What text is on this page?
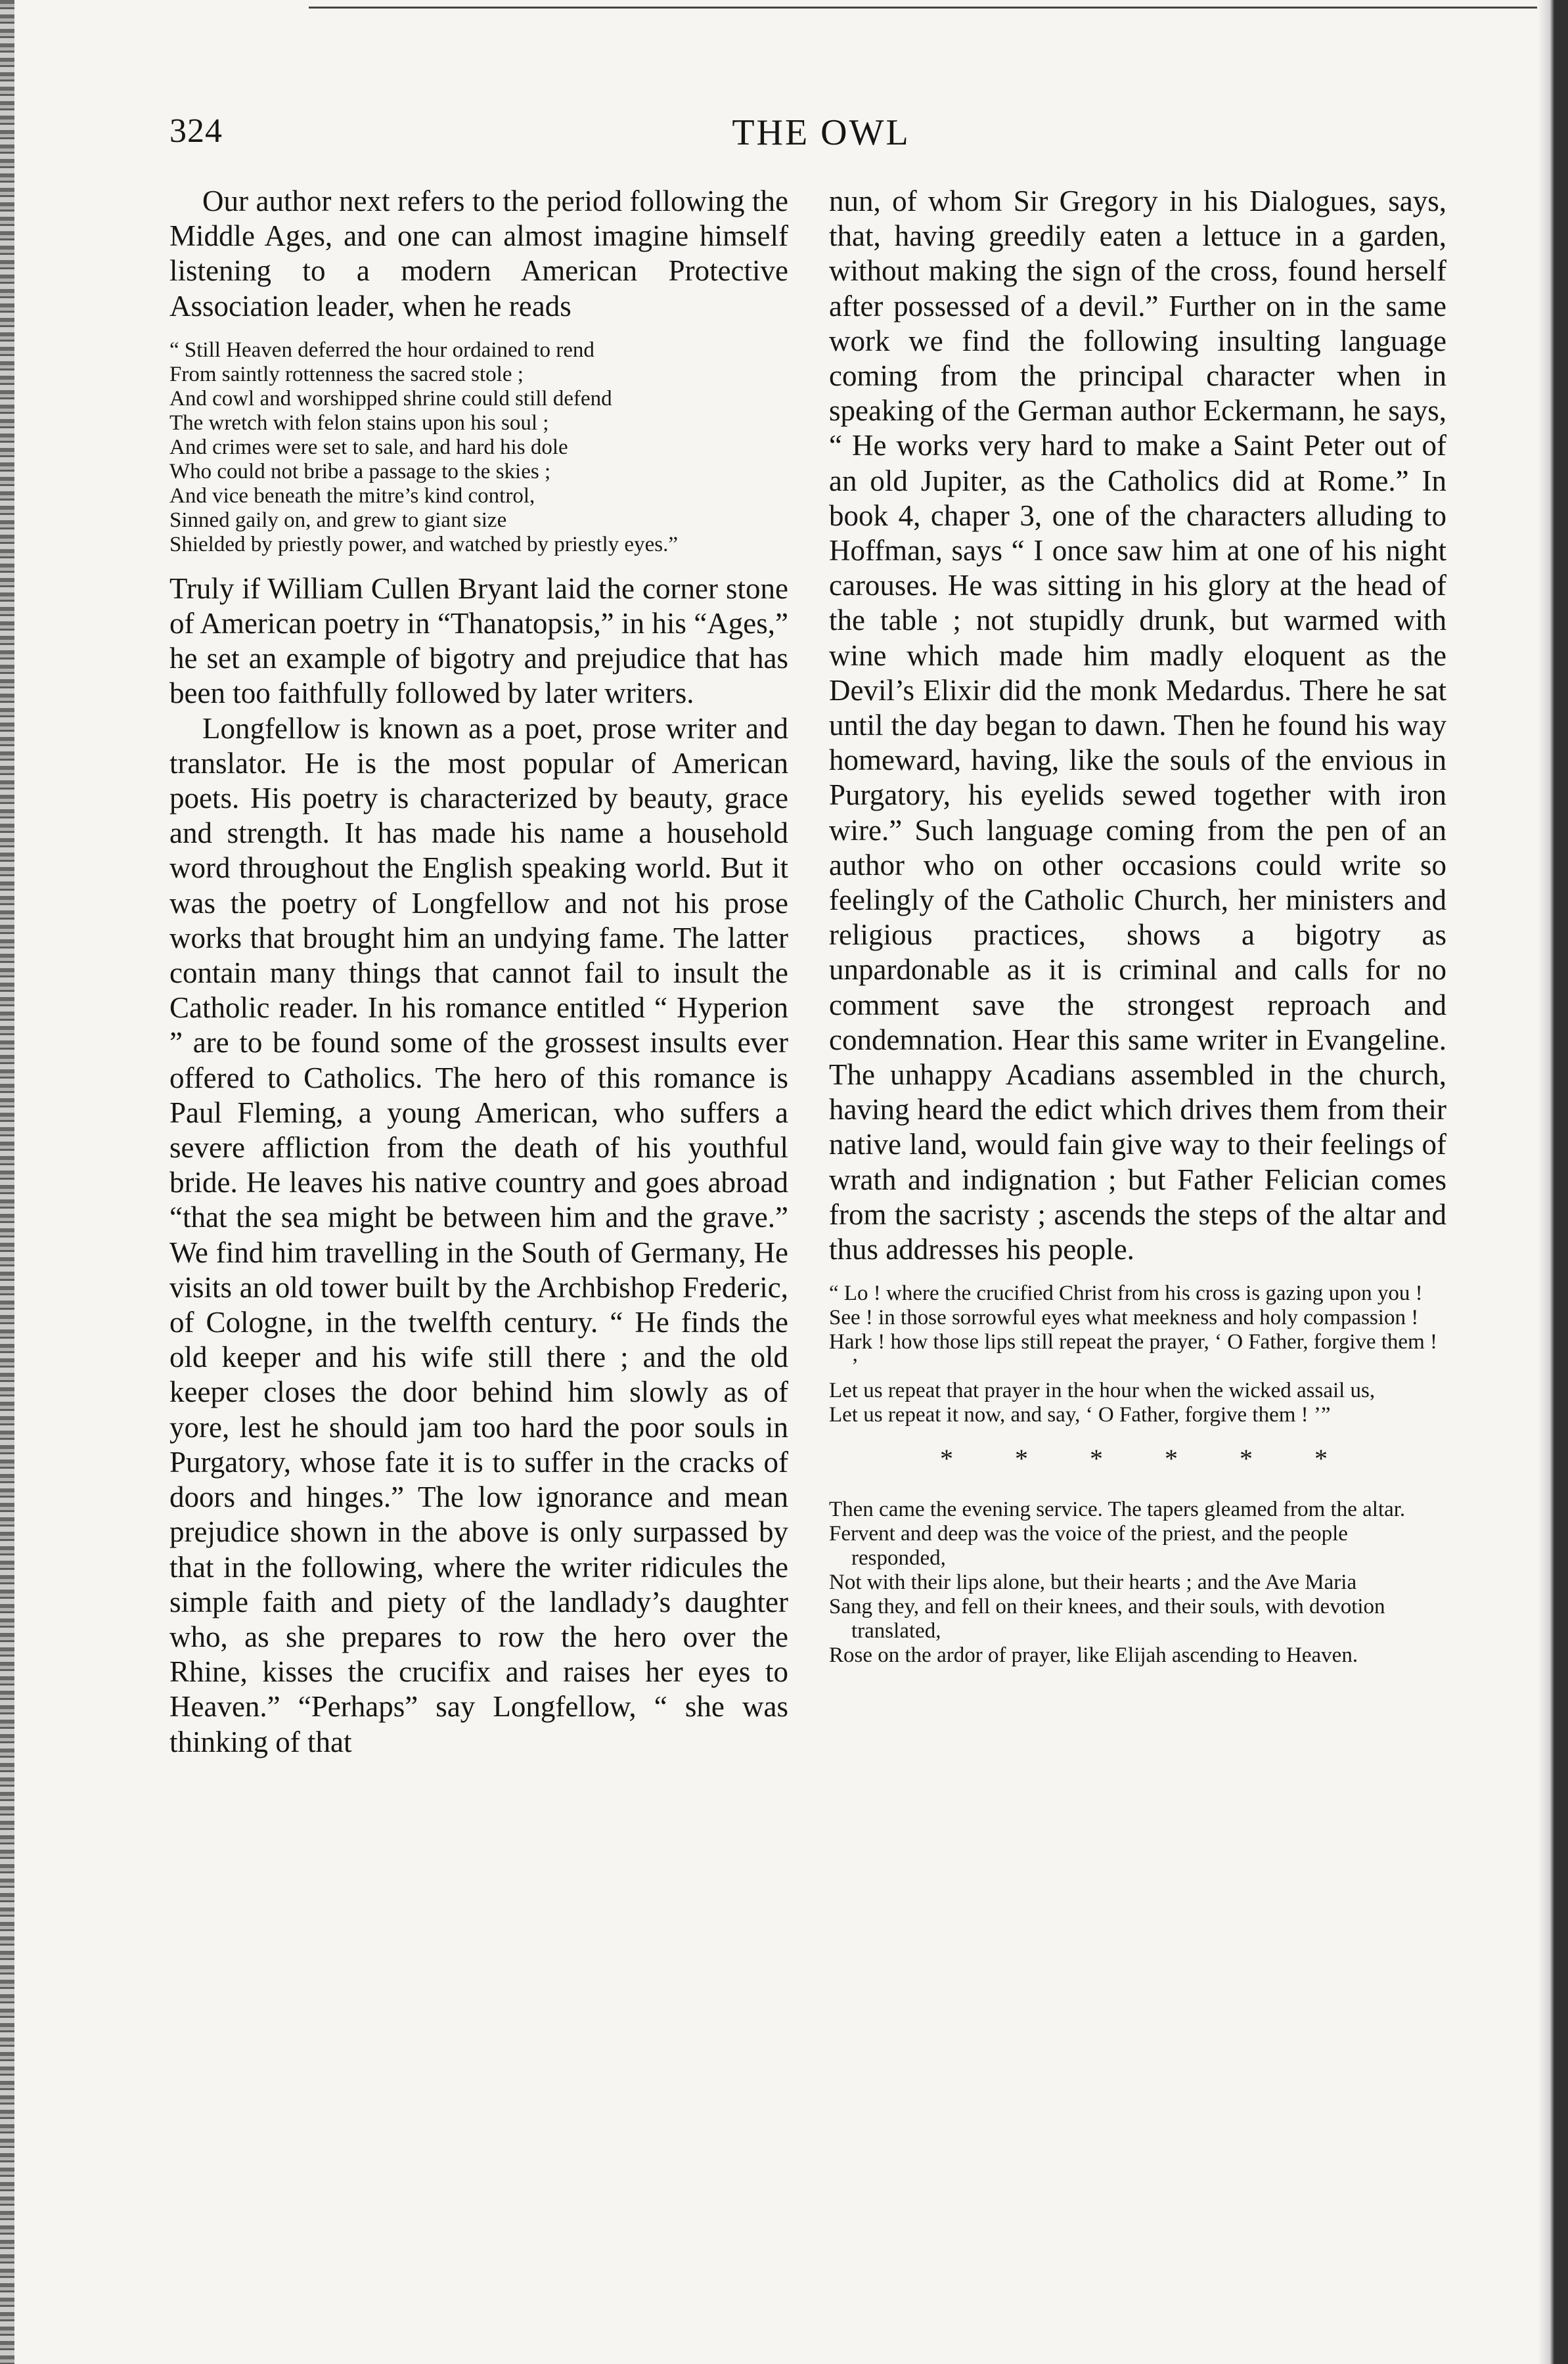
324	THE OWL

Our author next refers to the period following the Middle Ages, and one can almost imagine himself listening to a modern American Protective Association leader, when he reads

“ Still Heaven deferred the hour ordained to rend

From saintly rottenness the sacred stole ;

And cowl and worshipped shrine could still defend

The wretch with felon stains upon his soul ;

And crimes were set to sale, and hard his dole

Who could not bribe a passage to the skies ;

And vice beneath the mitre’s kind control,

Sinned gaily on, and grew to giant size

Shielded by priestly power, and watched by priestly eyes.”

Truly if William Cullen Bryant laid the corner stone of American poetry in “Thanatopsis,” in his “Ages,” he set an example of bigotry and prejudice that has been too faithfully followed by later writers.

Longfellow is known as a poet, prose writer and translator. He is the most popular of American poets. His poetry is characterized by beauty, grace and strength. It has made his name a household word throughout the English speaking world. But it was the poetry of Longfellow and not his prose works that brought him an undying fame. The latter contain many things that cannot fail to insult the Catholic reader. In his romance entitled “ Hyperion ” are to be found some of the grossest insults ever offered to Catholics. The hero of this romance is Paul Fleming, a young American, who suffers a severe affliction from the death of his youthful bride. He leaves his native country and goes abroad “that the sea might be between him and the grave.” We find him travelling in the South of Germany, He visits an old tower built by the Archbishop Frederic, of Cologne, in the twelfth century. “ He finds the old keeper and his wife still there ; and the old keeper closes the door behind him slowly as of yore, lest he should jam too hard the poor souls in Purgatory, whose fate it is to suffer in the cracks of doors and hinges.” The low ignorance and mean prejudice shown in the above is only surpassed by that in the following, where the writer ridicules the simple faith and piety of the landlady’s daughter who, as she prepares to row the hero over the Rhine, kisses the crucifix and raises her eyes to Heaven.” “Perhaps” say Longfellow, “ she was thinking of that

nun, of whom Sir Gregory in his Dialogues, says, that, having greedily eaten a lettuce in a garden, without making the sign of the cross, found herself after possessed of a devil.” Further on in the same work we find the following insulting language coming from the principal character when in speaking of the German author Eckermann, he says, “ He works very hard to make a Saint Peter out of an old Jupiter, as the Catholics did at Rome.” In book 4, chaper 3, one of the characters alluding to Hoffman, says “ I once saw him at one of his night carouses. He was sitting in his glory at the head of the table ; not stupidly drunk, but warmed with wine which made him madly eloquent as the Devil’s Elixir did the monk Medardus. There he sat until the day began to dawn. Then he found his way homeward, having, like the souls of the envious in Purgatory, his eyelids sewed together with iron wire.” Such language coming from the pen of an author who on other occasions could write so feelingly of the Catholic Church, her ministers and religious practices, shows a bigotry as unpardonable as it is criminal and calls for no comment save the strongest reproach and condemnation. Hear this same writer in Evangeline. The unhappy Acadians assembled in the church, having heard the edict which drives them from their native land, would fain give way to their feelings of wrath and indignation ; but Father Felician comes from the sacristy ; ascends the steps of the altar and thus addresses his people.

“ Lo ! where the crucified Christ from his cross is gazing upon you !

See ! in those sorrowful eyes what meekness and holy compassion !

Hark ! how those lips still repeat the prayer, ‘ O Father, forgive them ! ’

Let us repeat that prayer in the hour when the wicked assail us,

Let us repeat it now, and say, ‘ O Father, forgive them ! ’”

* * * * * *

Then came the evening service. The tapers gleamed from the altar.

Fervent and deep was the voice of the priest, and the people responded,

Not with their lips alone, but their hearts ; and the Ave Maria

Sang they, and fell on their knees, and their souls, with devotion translated,

Rose on the ardor of prayer, like Elijah ascending to Heaven.
